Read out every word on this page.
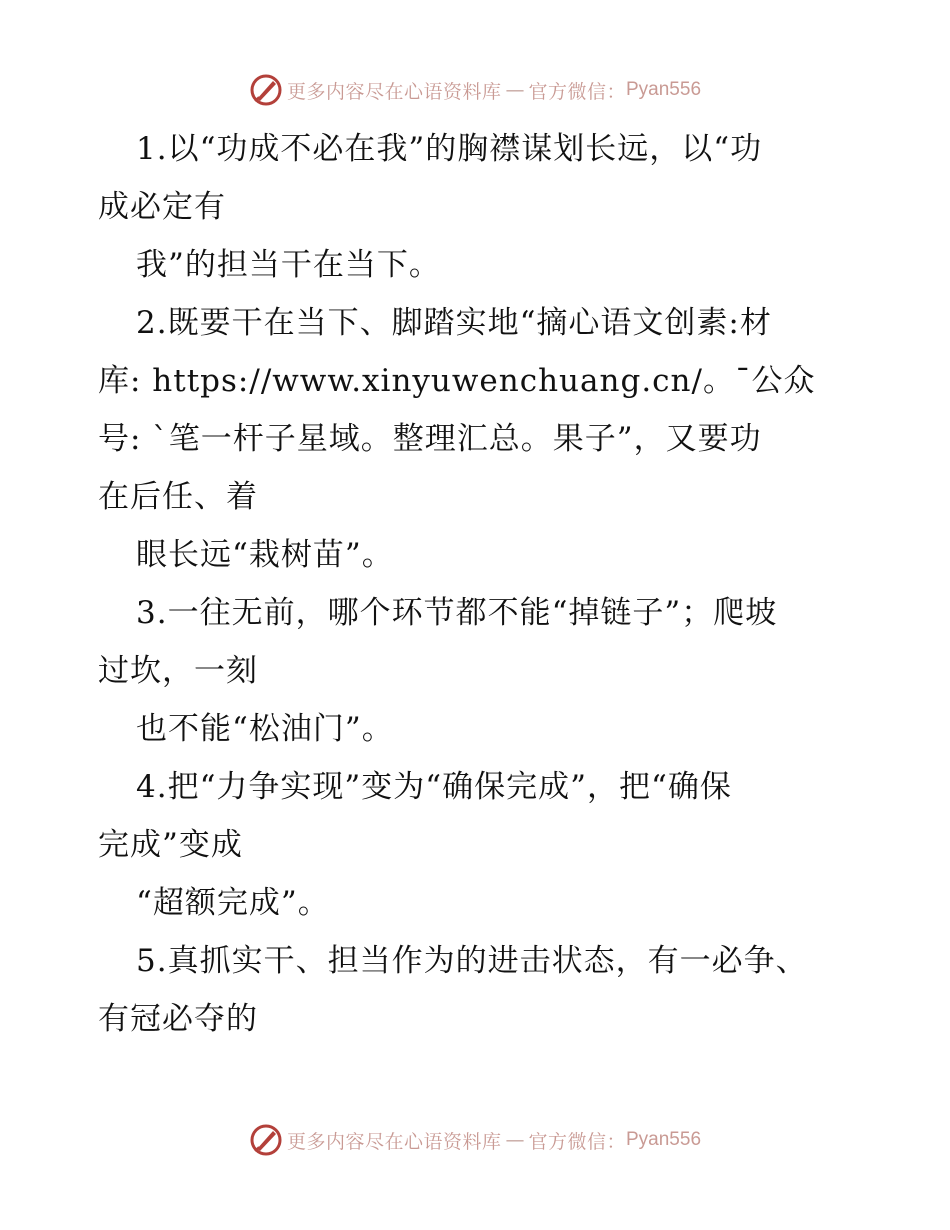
更多内容尽在心语资料库 — 官方微信： Pyan556
1.以“功成不必在我”的胸襟谋划长远，以“功
成必定有
我”的担当干在当下。
2.既要干在当下、脚踏实地“摘心语文创素:材
库: https://www.xinyuwenchuang.cn/。¯公众
号: `笔一杆子星域。整理汇总。果子”，又要功
在后任、着
眼长远“栽树苗”。
3.一往无前，哪个环节都不能“掉链子”；爬坡
过坎，一刻
也不能“松油门”。
4.把“力争实现”变为“确保完成”，把“确保
完成”变成
“超额完成”。
5.真抓实干、担当作为的进击状态，有一必争、
有冠必夺的
更多内容尽在心语资料库 — 官方微信： Pyan556
